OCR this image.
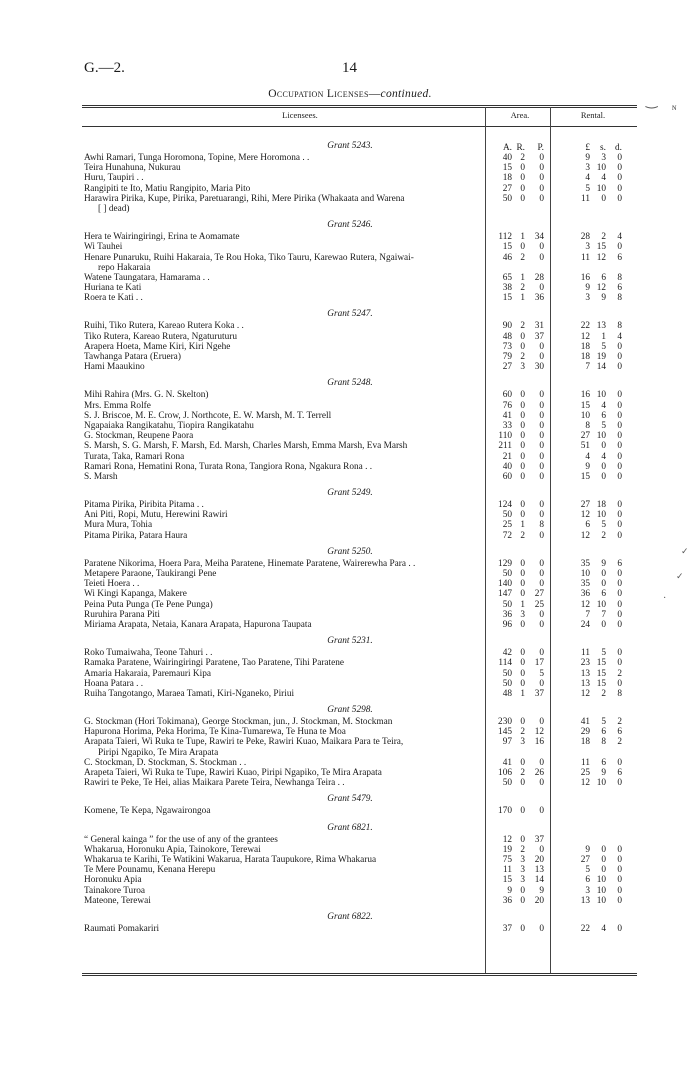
G.—2.	14
Occupation Licenses—continued.
Licensees.	Area.	Rental.
Grant 5243.	A. R.	P.	£	s. d.
Awhi Ramari, Tunga Horomona, Topine, Mere Horomona . .	40 2	0	9	3	0
Teira Hunahuna, Nukurau	15 0	0	3 10	0
Huru, Taupiri . .	18 0	0	4	4	0
Rangipiti te Ito, Matiu Rangipito, Maria Pito	27 0	0	5 10	0
Harawira Pirika, Kupe, Pirika, Paretuarangi, Rihi, Mere Pirika (Whakaata and Warena	50 0	0	11	0	0
[ ] dead)
Grant 5246.
Hera te Wairingiringi, Erina te Aomamate	112 1	34	28	2	4
Wi Tauhei	15 0	0	3 15	0
Henare Punaruku, Ruihi Hakaraia, Te Rou Hoka, Tiko Tauru, Karewao Rutera, Ngaiwai-	46 2	0	11 12	6
repo Hakaraia
Watene Taungatara, Hamarama . .	65 1	28	16	6	8
Huriana te Kati	38 2	0	9 12	6
Roera te Kati . .	15 1	36	3	9	8
Grant 5247.
Ruihi, Tiko Rutera, Kareao Rutera Koka . .	90 2	31	22 13	8
Tiko Rutera, Kareao Rutera, Ngaturuturu	48 0	37	12	1	4
Arapera Hoeta, Mame Kiri, Kiri Ngehe	73 0	0	18	5	0
Tawhanga Patara (Eruera)	79 2	0	18 19	0
Hami Maaukino	27 3	30	7 14	0
Grant 5248.
Mihi Rahira (Mrs. G. N. Skelton)	60 0	0	16 10	0
Mrs. Emma Rolfe	76 0	0	15	4	0
S. J. Briscoe, M. E. Crow, J. Northcote, E. W. Marsh, M. T. Terrell	41 0	0	10	6	0
Ngapaiaka Rangikatahu, Tiopira Rangikatahu	33 0	0	8	5	0
G. Stockman, Reupene Paora	110 0	0	27 10	0
S. Marsh, S. G. Marsh, F. Marsh, Ed. Marsh, Charles Marsh, Emma Marsh, Eva Marsh	211 0	0	51	0	0
Turata, Taka, Ramari Rona	21 0	0	4	4	0
Ramari Rona, Hematini Rona, Turata Rona, Tangiora Rona, Ngakura Rona . .	40 0	0	9	0	0
S. Marsh	60 0	0	15	0	0
Grant 5249.
Pitama Pirika, Piribita Pitama . .	124 0	0	27 18	0
Ani Piti, Ropi, Mutu, Herewini Rawiri	50 0	0	12 10	0
Mura Mura, Tohia	25 1	8	6	5	0
Pitama Pirika, Patara Haura	72 2	0	12	2	0
Grant 5250.
Paratene Nikorima, Hoera Para, Meiha Paratene, Hinemate Paratene, Wairerewha Para . .	129 0	0	35	9	6
Metapere Paraone, Taukirangi Pene	50 0	0	10	0	0
Teieti Hoera . .	140 0	0	35	0	0
Wi Kingi Kapanga, Makere	147 0	27	36	6	0
Peina Puta Punga (Te Pene Punga)	50 1	25	12 10	0
Ruruhira Parana Piti	36 3	0	7	7	0
Miriama Arapata, Netaia, Kanara Arapata, Hapurona Taupata	96 0	0	24	0	0
Grant 5231.
Roko Tumaiwaha, Teone Tahuri . .	42 0	0	11	5	0
Ramaka Paratene, Wairingiringi Paratene, Tao Paratene, Tihi Paratene	114 0	17	23 15	0
Amaria Hakaraia, Paremauri Kipa	50 0	5	13 15	2
Hoana Patara . .	50 0	0	13 15	0
Ruiha Tangotango, Maraea Tamati, Kiri-Nganeko, Piriui	48 1	37	12	2	8
Grant 5298.
G. Stockman (Hori Tokimana), George Stockman, jun., J. Stockman, M. Stockman	230 0	0	41	5	2
Hapurona Horima, Peka Horima, Te Kina-Tumarewa, Te Huna te Moa	145 2	12	29	6	6
Arapata Taieri, Wi Ruka te Tupe, Rawiri te Peke, Rawiri Kuao, Maikara Para te Teira,	97 3	16	18	8	2
Piripi Ngapiko, Te Mira Arapata
C. Stockman, D. Stockman, S. Stockman . .	41 0	0	11	6	0
Arapeta Taieri, Wi Ruka te Tupe, Rawiri Kuao, Piripi Ngapiko, Te Mira Arapata	106 2	26	25	9	6
Rawiri te Peke, Te Hei, alias Maikara Parete Teira, Newhanga Teira . .	50 0	0	12 10	0
Grant 5479.
Komene, Te Kepa, Ngawairongoa	170 0	0
Grant 6821.
“ General kainga ” for the use of any of the grantees	12 0	37
Whakarua, Horonuku Apia, Tainokore, Terewai	19 2	0	9	0	0
Whakarua te Karihi, Te Watikini Wakarua, Harata Taupukore, Rima Whakarua	75 3	20	27	0	0
Te Mere Pounamu, Kenana Herepu	11 3	13	5	0	0
Horonuku Apia	15 3	14	6 10	0
Tainakore Turoa	9 0	9	3 10	0
Mateone, Terewai	36 0	20	13 10	0
Grant 6822.
Raumati Pomakariri	37 0	0	22	4	0
‿ ɴ
·
✓
✓
